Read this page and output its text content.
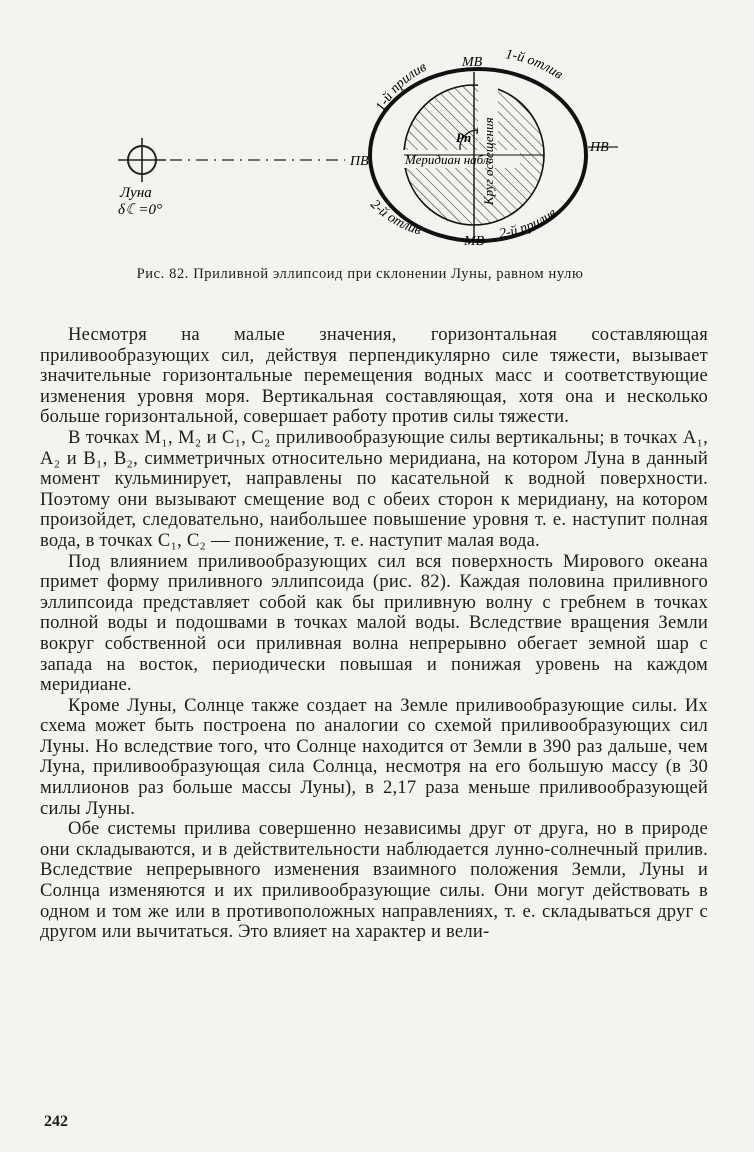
Луна
δ☾=0°
ПВ
Рп
Меридиан набл.
Круг освещения
МВ
МВ
ПВ
1-й прилив
1-й отлив
2-й отлив	2-й прилив
Рис. 82. Приливной эллипсоид при склонении Луны, равном нулю

Несмотря на малые значения, горизонтальная составляющая приливообразующих сил, действуя перпендикулярно силе тяжести, вызывает значительные горизонтальные перемещения водных масс и соответствующие изменения уровня моря. Вертикальная составляющая, хотя она и несколько больше горизонтальной, совершает работу против силы тяжести.

В точках M₁, M₂ и C₁, C₂ приливообразующие силы вертикальны; в точках A₁, A₂ и B₁, B₂, симметричных относительно меридиана, на котором Луна в данный момент кульминирует, направлены по касательной к водной поверхности. Поэтому они вызывают смещение вод с обеих сторон к меридиану, на котором произойдет, следовательно, наибольшее повышение уровня т. е. наступит полная вода, в точках C₁, C₂ — понижение, т. е. наступит малая вода.

Под влиянием приливообразующих сил вся поверхность Мирового океана примет форму приливного эллипсоида (рис. 82). Каждая половина приливного эллипсоида представляет собой как бы приливную волну с гребнем в точках полной воды и подошвами в точках малой воды. Вследствие вращения Земли вокруг собственной оси приливная волна непрерывно обегает земной шар с запада на восток, периодически повышая и понижая уровень на каждом меридиане.

Кроме Луны, Солнце также создает на Земле приливообразующие силы. Их схема может быть построена по аналогии со схемой приливообразующих сил Луны. Но вследствие того, что Солнце находится от Земли в 390 раз дальше, чем Луна, приливообразующая сила Солнца, несмотря на его большую массу (в 30 миллионов раз больше массы Луны), в 2,17 раза меньше приливообразующей силы Луны.

Обе системы прилива совершенно независимы друг от друга, но в природе они складываются, и в действительности наблюдается лунно-солнечный прилив. Вследствие непрерывного изменения взаимного положения Земли, Луны и Солнца изменяются и их приливообразующие силы. Они могут действовать в одном и том же или в противоположных направлениях, т. е. складываться друг с другом или вычитаться. Это влияет на характер и вели-

242
